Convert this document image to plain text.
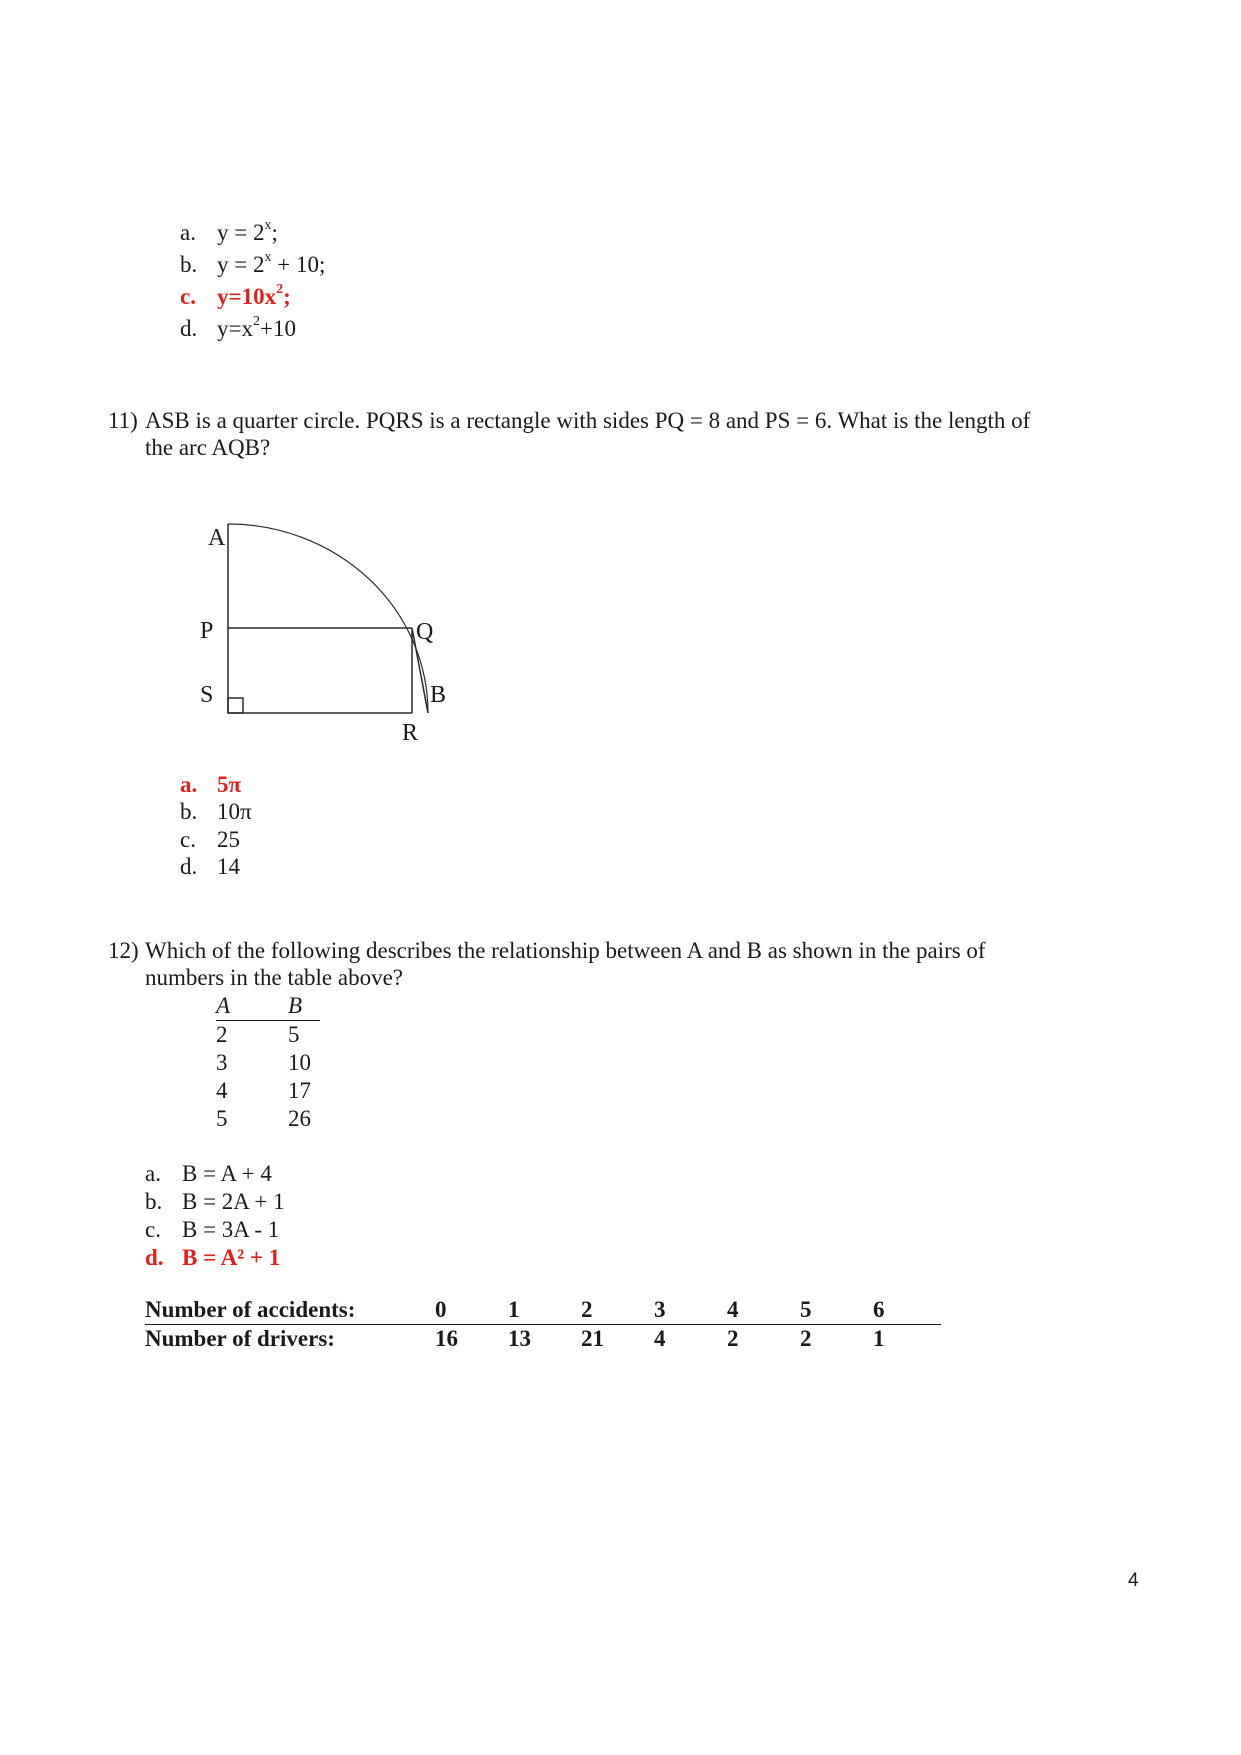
a. $y = 2^x$;
b. $y = 2^x + 10$;
c. $y=10x^2$;
d. $y=x^2+10$
11) ASB is a quarter circle. PQRS is a rectangle with sides PQ = 8 and PS = 6. What is the length of
the arc AQB?
A
P
S
Q
B
R
a. 5π
b. 10π
c. 25
d. 14
12) Which of the following describes the relationship between A and B as shown in the pairs of
numbers in the table above?
A	B
2	5
3	10
4	17
5	26
a. B = A + 4
b. B = 2A + 1
c. B = 3A - 1
d. B = A² + 1
Number of accidents:	0	1	2	3	4	5	6
Number of drivers:	16	13	21	4	2	2	1
4
